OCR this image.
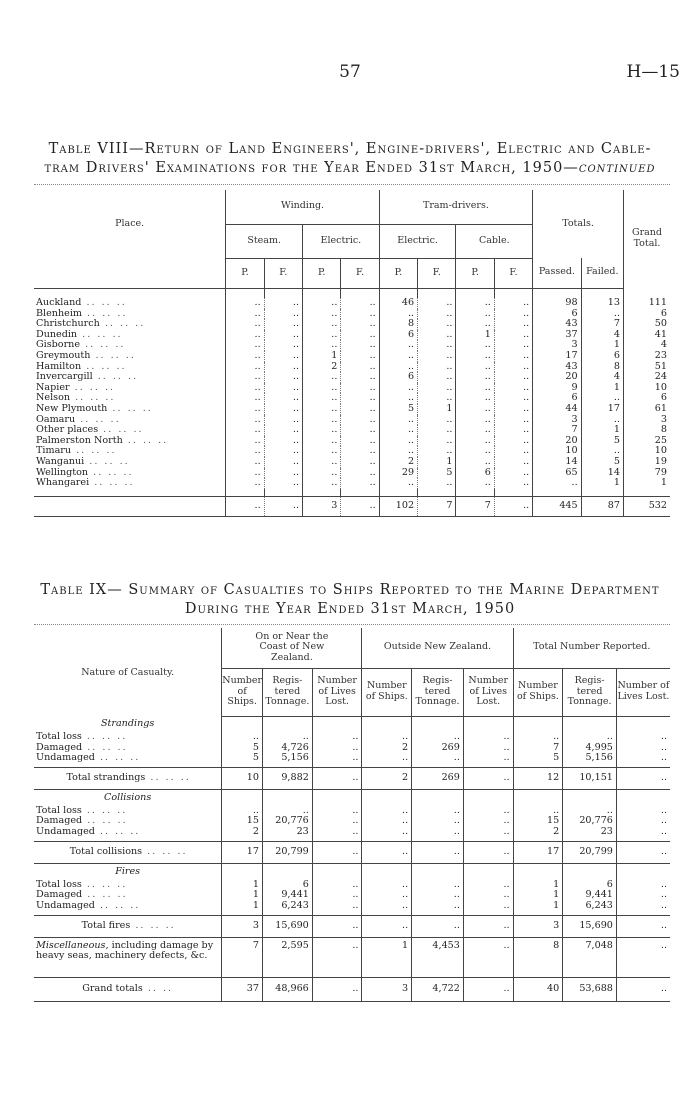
57	H—15
Table VIII—Return of Land Engineers', Engine-drivers', Electric and Cable-
tram Drivers' Examinations for the Year Ended 31st March, 1950—continued
Place.	Winding.				Tram-drivers.				Totals.		Grand Total.
	Steam.		Electric.		Electric.		Cable.				
	P.	F.	P.	F.	P.	F.	P.	F.	Passed.	Failed.	

Auckland .. .. ..	..	..	..	..	46	..	..	..	98	13	111
Blenheim .. .. ..	..	..	..	..	..	..	..	..	6	..	6
Christchurch .. .. ..	..	..	..	..	8	..	..	..	43	7	50
Dunedin .. .. ..	..	..	..	..	6	..	1	..	37	4	41
Gisborne .. .. ..	..	..	..	..	..	..	..	..	3	1	4
Greymouth .. .. ..	..	..	1	..	..	..	..	..	17	6	23
Hamilton .. .. ..	..	..	2	..	..	..	..	..	43	8	51
Invercargill .. .. ..	..	..	..	..	6	..	..	..	20	4	24
Napier .. .. ..	..	..	..	..	..	..	..	..	9	1	10
Nelson .. .. ..	..	..	..	..	..	..	..	..	6	..	6
New Plymouth .. .. ..	..	..	..	..	5	1	..	..	44	17	61
Oamaru .. .. ..	..	..	..	..	..	..	..	..	3	..	3
Other places .. .. ..	..	..	..	..	..	..	..	..	7	1	8
Palmerston North .. .. ..	..	..	..	..	..	..	..	..	20	5	25
Timaru .. .. ..	..	..	..	..	..	..	..	..	10	..	10
Wanganui .. .. ..	..	..	..	..	2	1	..	..	14	5	19
Wellington .. .. ..	..	..	..	..	29	5	6	..	65	14	79
Whangarei .. .. ..	..	..	..	..	..	..	..	..	..	1	1

	..	..	3	..	102	7	7	..	445	87	532
Table IX— Summary of Casualties to Ships Reported to the Marine Department
During the Year Ended 31st March, 1950
Nature of Casualty.	On or Near the Coast of New Zealand.			Outside New Zealand.			Total Number Reported.		
	Number of Ships.	Regis-tered Tonnage.	Number of Lives Lost.	Number of Ships.	Regis-tered Tonnage.	Number of Lives Lost.	Number of Ships.	Regis-tered Tonnage.	Number of Lives Lost.
Strandings									
Total loss .. .. ..	..	..	..	..	..	..	..	..	..
Damaged .. .. ..	5	4,726	..	2	269	..	7	4,995	..
Undamaged .. .. ..	5	5,156	..	..	..	..	5	5,156	..

Total strandings .. .. ..	10	9,882	..	2	269	..	12	10,151	..
Collisions									
Total loss .. .. ..	..	..	..	..	..	..	..	..	..
Damaged .. .. ..	15	20,776	..	..	..	..	15	20,776	..
Undamaged .. .. ..	2	23	..	..	..	..	2	23	..

Total collisions .. .. ..	17	20,799	..	..	..	..	17	20,799	..
Fires									
Total loss .. .. ..	1	6	..	..	..	..	1	6	..
Damaged .. .. ..	1	9,441	..	..	..	..	1	9,441	..
Undamaged .. .. ..	1	6,243	..	..	..	..	1	6,243	..

Total fires .. .. ..	3	15,690	..	..	..	..	3	15,690	..
Miscellaneous, including damage by heavy seas, machinery defects, &c.	7	2,595	..	1	4,453	..	8	7,048	..
Grand totals .. ..	37	48,966	..	3	4,722	..	40	53,688	..
